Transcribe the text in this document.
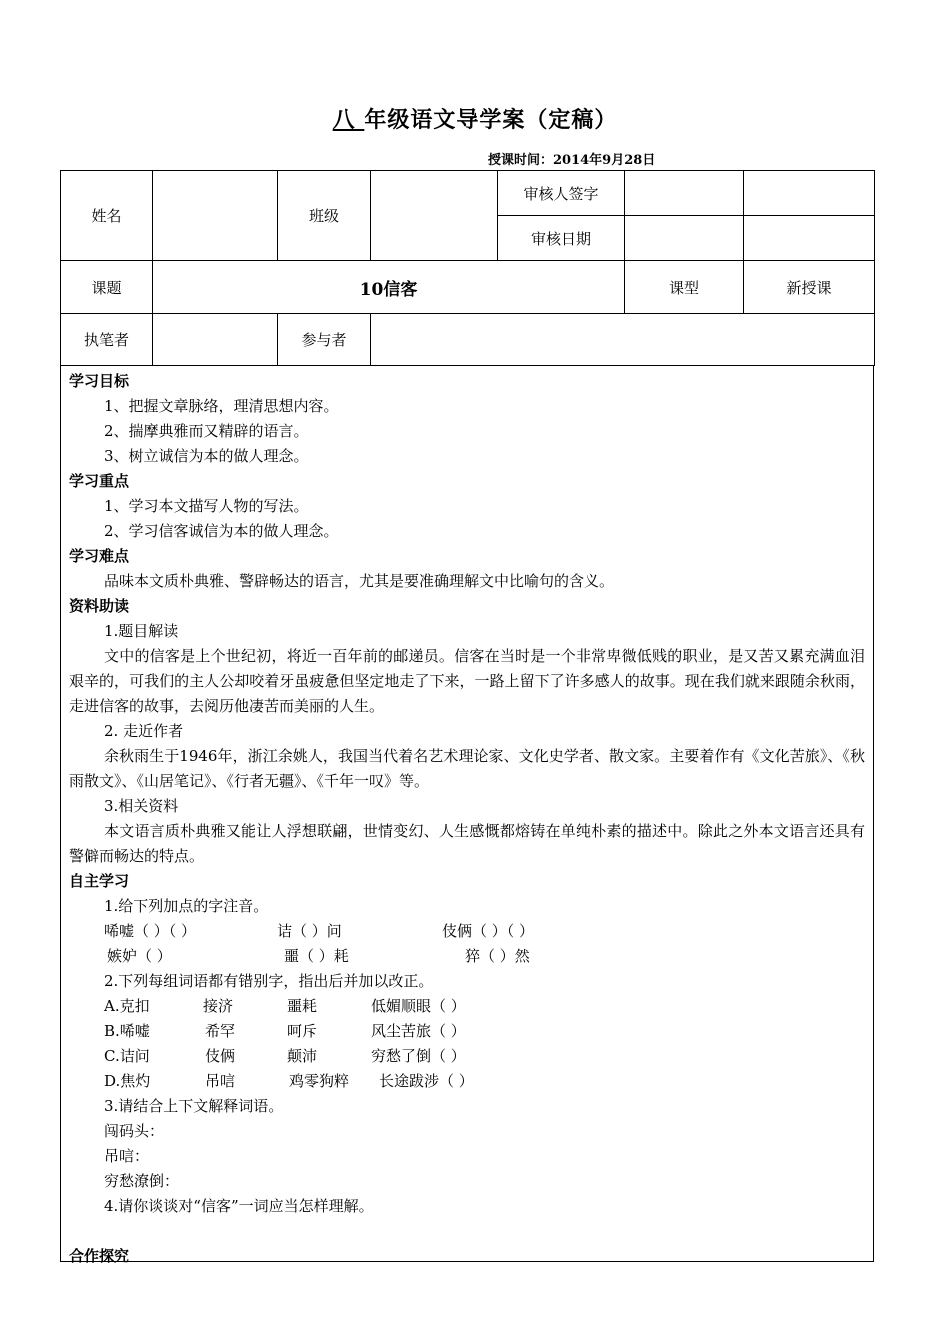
八 年级语文导学案（定稿）
授课时间：2014年9月28日
姓名		班级		审核人签字		
				审核日期		
课题	10信客				课型	新授课
执笔者		参与者				
学习目标
1、把握文章脉络，理清思想内容。
2、揣摩典雅而又精辟的语言。
3、树立诚信为本的做人理念。
学习重点
1、学习本文描写人物的写法。
2、学习信客诚信为本的做人理念。
学习难点
品味本文质朴典雅、警辟畅达的语言，尤其是要准确理解文中比喻句的含义。
资料助读
1.题目解读
文中的信客是上个世纪初，将近一百年前的邮递员。信客在当时是一个非常卑微低贱的职业，是又苦又累充满血泪艰辛的，可我们的主人公却咬着牙虽疲惫但坚定地走了下来，一路上留下了许多感人的故事。现在我们就来跟随余秋雨，走进信客的故事，去阅历他凄苦而美丽的人生。
2. 走近作者
余秋雨生于1946年，浙江余姚人，我国当代着名艺术理论家、文化史学者、散文家。主要着作有《文化苦旅》、《秋雨散文》、《山居笔记》、《行者无疆》、《千年一叹》等。
3.相关资料
本文语言质朴典雅又能让人浮想联翩，世情变幻、人生感慨都熔铸在单纯朴素的描述中。除此之外本文语言还具有警僻而畅达的特点。
自主学习
1.给下列加点的字注音。
唏嘘（ ）（ ）	诘（ ）问	伎俩（ ）（ ）
嫉妒（ ）	噩（ ）耗	猝（ ）然
2.下列每组词语都有错别字，指出后并加以改正。
A.克扣	接济	噩耗	低媚顺眼（ ）
B.唏嘘	希罕	呵斥	风尘苦旅（ ）
C.诘问	伎俩	颠沛	穷愁了倒（ ）
D.焦灼	吊唁	鸡零狗粹 长途跋涉（ ）
3.请结合上下文解释词语。
闯码头：
吊唁：
穷愁潦倒：
4.请你谈谈对“信客”一词应当怎样理解。
合作探究
